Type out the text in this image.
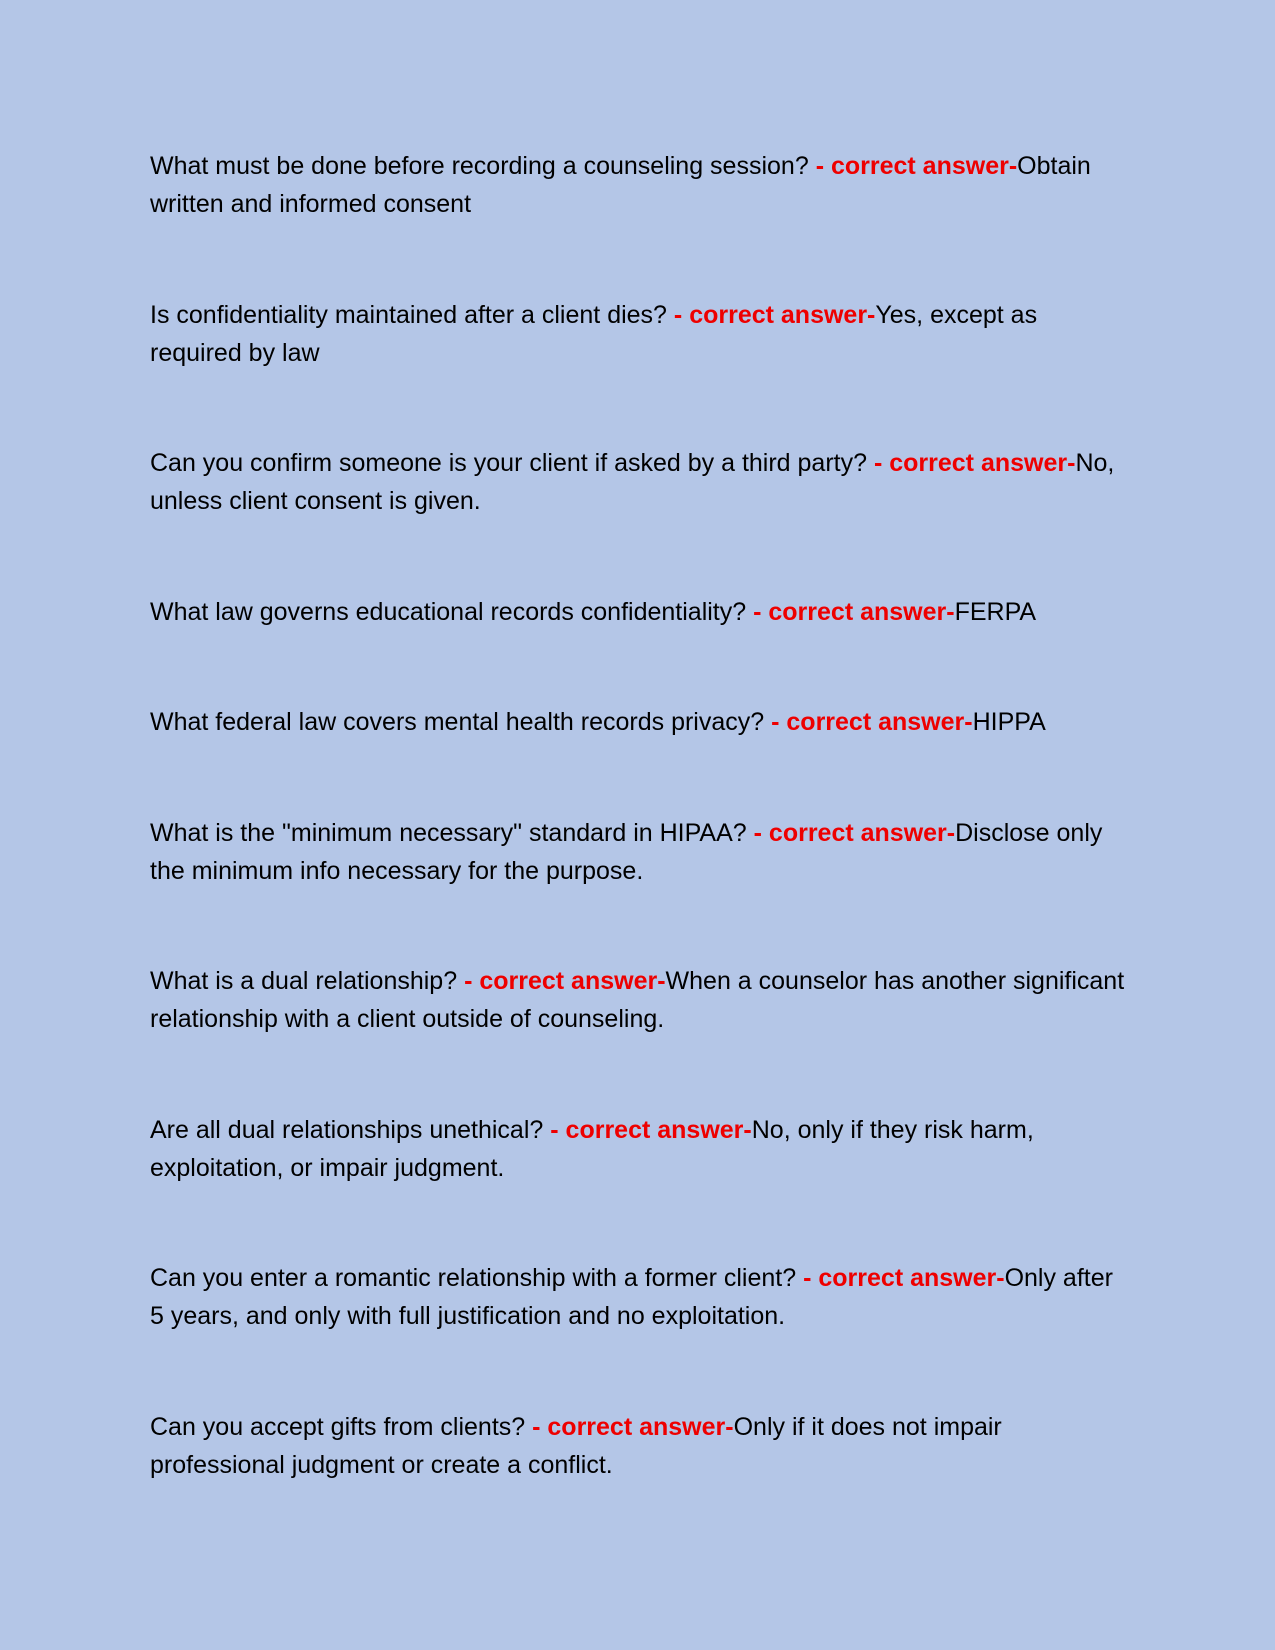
What must be done before recording a counseling session? - correct answer-Obtain written and informed consent

Is confidentiality maintained after a client dies? - correct answer-Yes, except as required by law

Can you confirm someone is your client if asked by a third party? - correct answer-No, unless client consent is given.

What law governs educational records confidentiality? - correct answer-FERPA

What federal law covers mental health records privacy? - correct answer-HIPPA

What is the "minimum necessary" standard in HIPAA? - correct answer-Disclose only the minimum info necessary for the purpose.

What is a dual relationship? - correct answer-When a counselor has another significant relationship with a client outside of counseling.

Are all dual relationships unethical? - correct answer-No, only if they risk harm, exploitation, or impair judgment.

Can you enter a romantic relationship with a former client? - correct answer-Only after 5 years, and only with full justification and no exploitation.

Can you accept gifts from clients? - correct answer-Only if it does not impair professional judgment or create a conflict.
